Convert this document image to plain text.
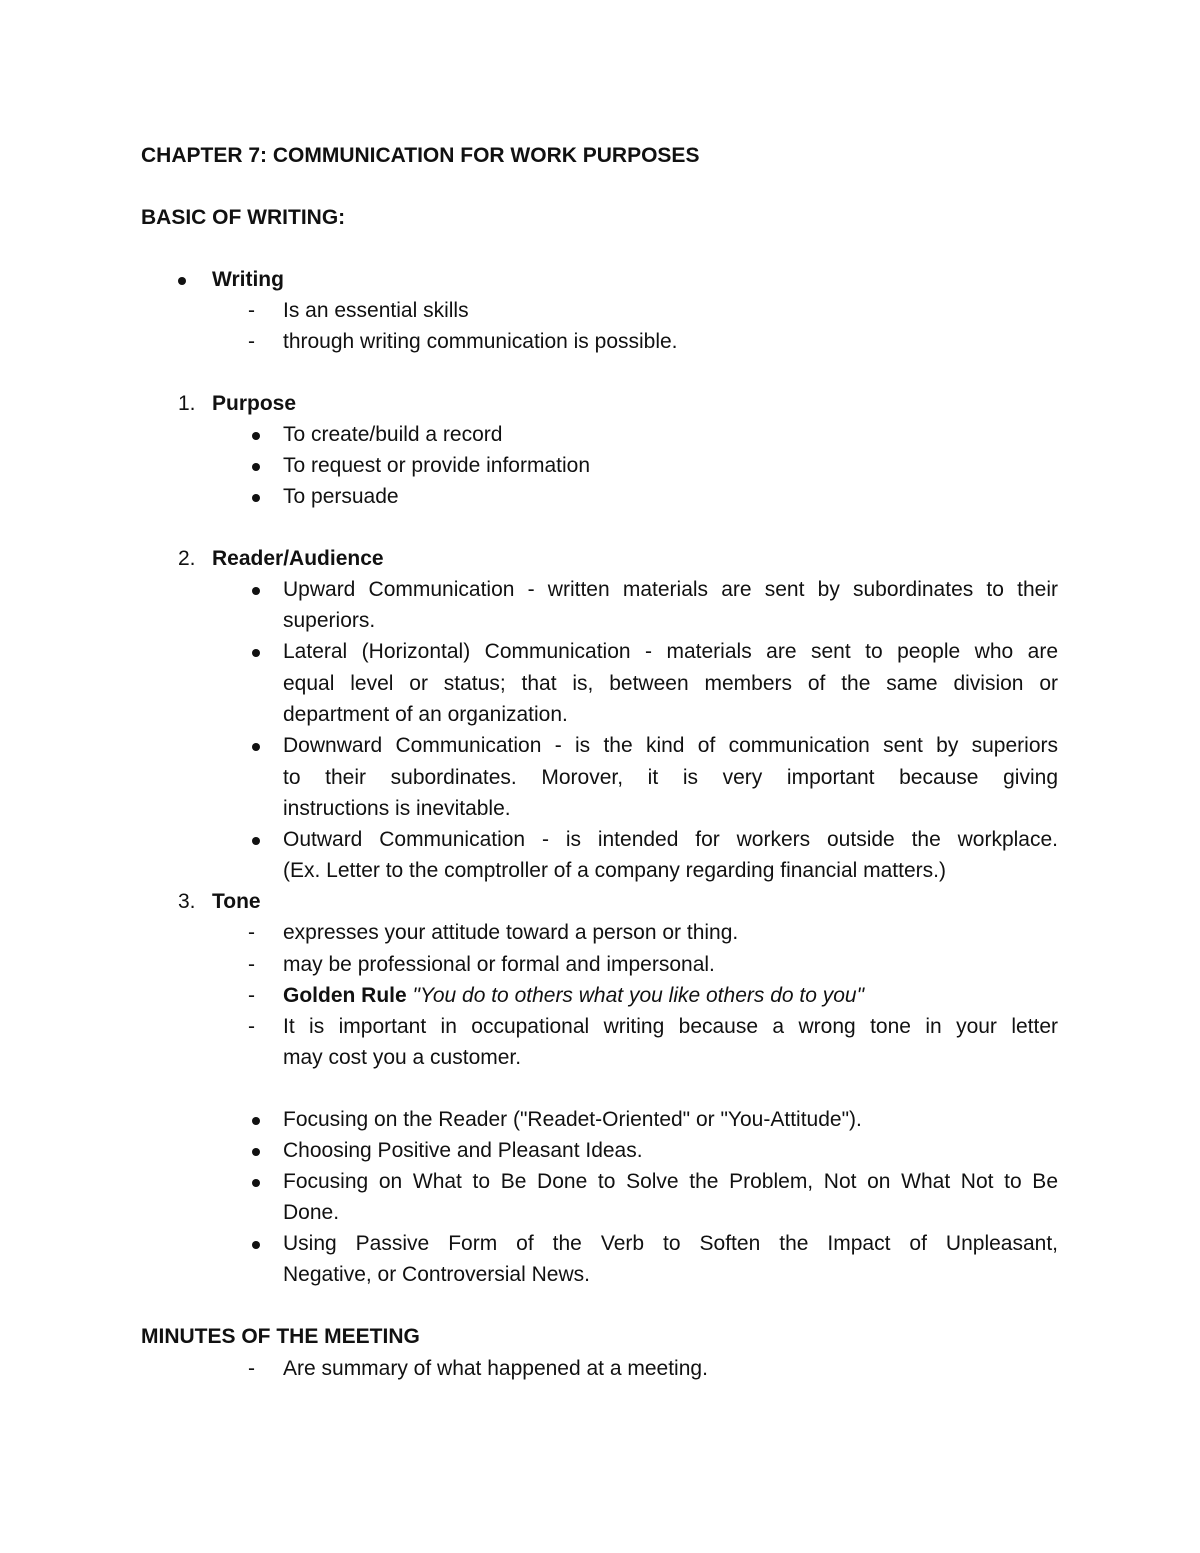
CHAPTER 7: COMMUNICATION FOR WORK PURPOSES
BASIC OF WRITING:
Writing
- Is an essential skills
- through writing communication is possible.
1. Purpose
To create/build a record
To request or provide information
To persuade
2. Reader/Audience
Upward Communication - written materials are sent by subordinates to their
superiors.
Lateral (Horizontal) Communication - materials are sent to people who are
equal level or status; that is, between members of the same division or
department of an organization.
Downward Communication - is the kind of communication sent by superiors
to their subordinates. Morover, it is very important because giving
instructions is inevitable.
Outward Communication - is intended for workers outside the workplace.
(Ex. Letter to the comptroller of a company regarding financial matters.)
3. Tone
- expresses your attitude toward a person or thing.
- may be professional or formal and impersonal.
- Golden Rule "You do to others what you like others do to you"
- It is important in occupational writing because a wrong tone in your letter
may cost you a customer.
Focusing on the Reader ("Readet-Oriented" or "You-Attitude").
Choosing Positive and Pleasant Ideas.
Focusing on What to Be Done to Solve the Problem, Not on What Not to Be
Done.
Using Passive Form of the Verb to Soften the Impact of Unpleasant,
Negative, or Controversial News.
MINUTES OF THE MEETING
- Are summary of what happened at a meeting.
